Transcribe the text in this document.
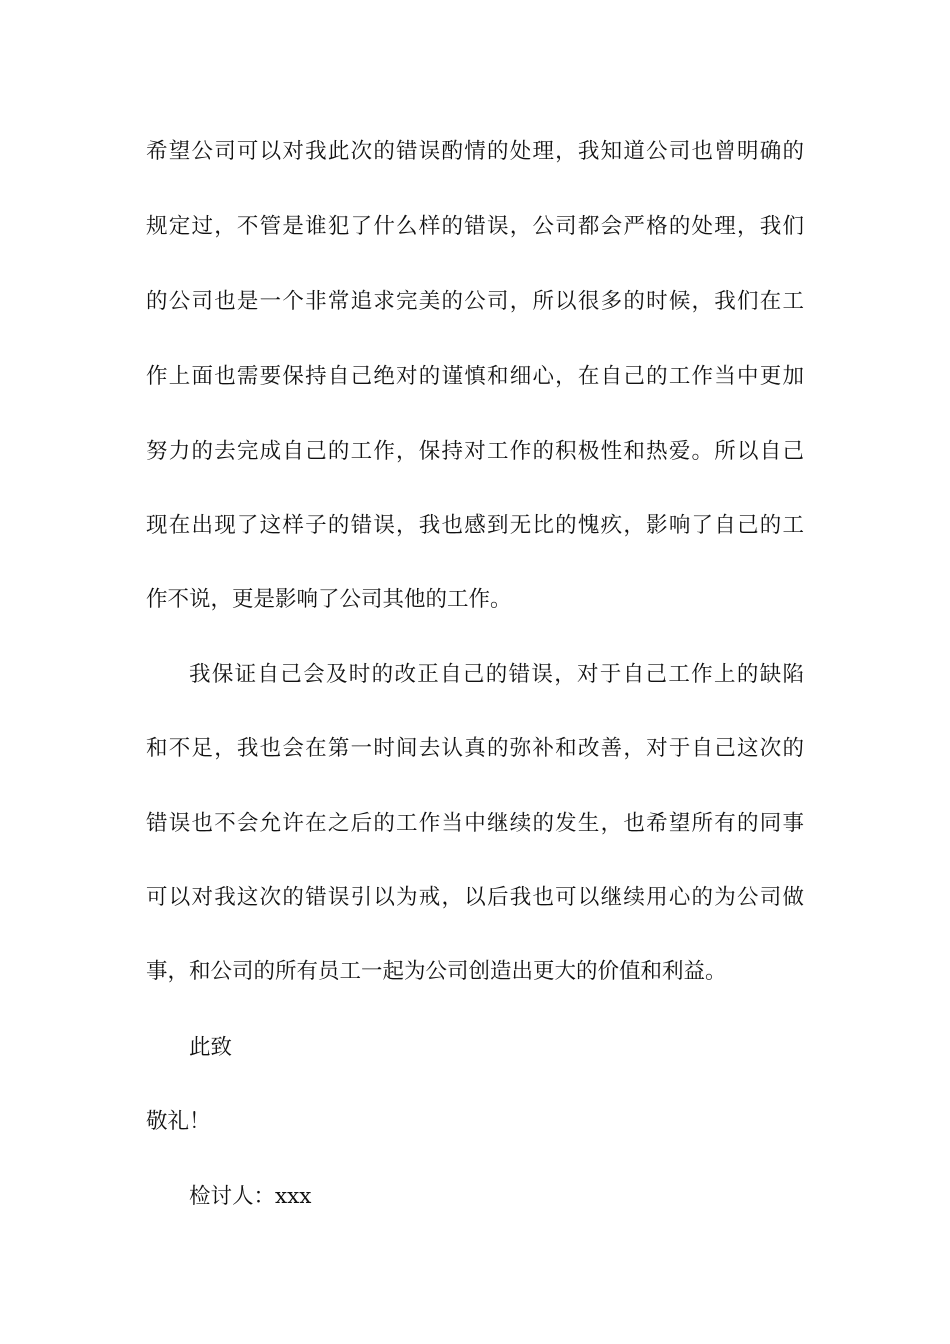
希望公司可以对我此次的错误酌情的处理，我知道公司也曾明确的
规定过，不管是谁犯了什么样的错误，公司都会严格的处理，我们
的公司也是一个非常追求完美的公司，所以很多的时候，我们在工
作上面也需要保持自己绝对的谨慎和细心，在自己的工作当中更加
努力的去完成自己的工作，保持对工作的积极性和热爱。所以自己
现在出现了这样子的错误，我也感到无比的愧疚，影响了自己的工
作不说，更是影响了公司其他的工作。
我保证自己会及时的改正自己的错误，对于自己工作上的缺陷
和不足，我也会在第一时间去认真的弥补和改善，对于自己这次的
错误也不会允许在之后的工作当中继续的发生，也希望所有的同事
可以对我这次的错误引以为戒，以后我也可以继续用心的为公司做
事，和公司的所有员工一起为公司创造出更大的价值和利益。
此致
敬礼！
检讨人：xxx
